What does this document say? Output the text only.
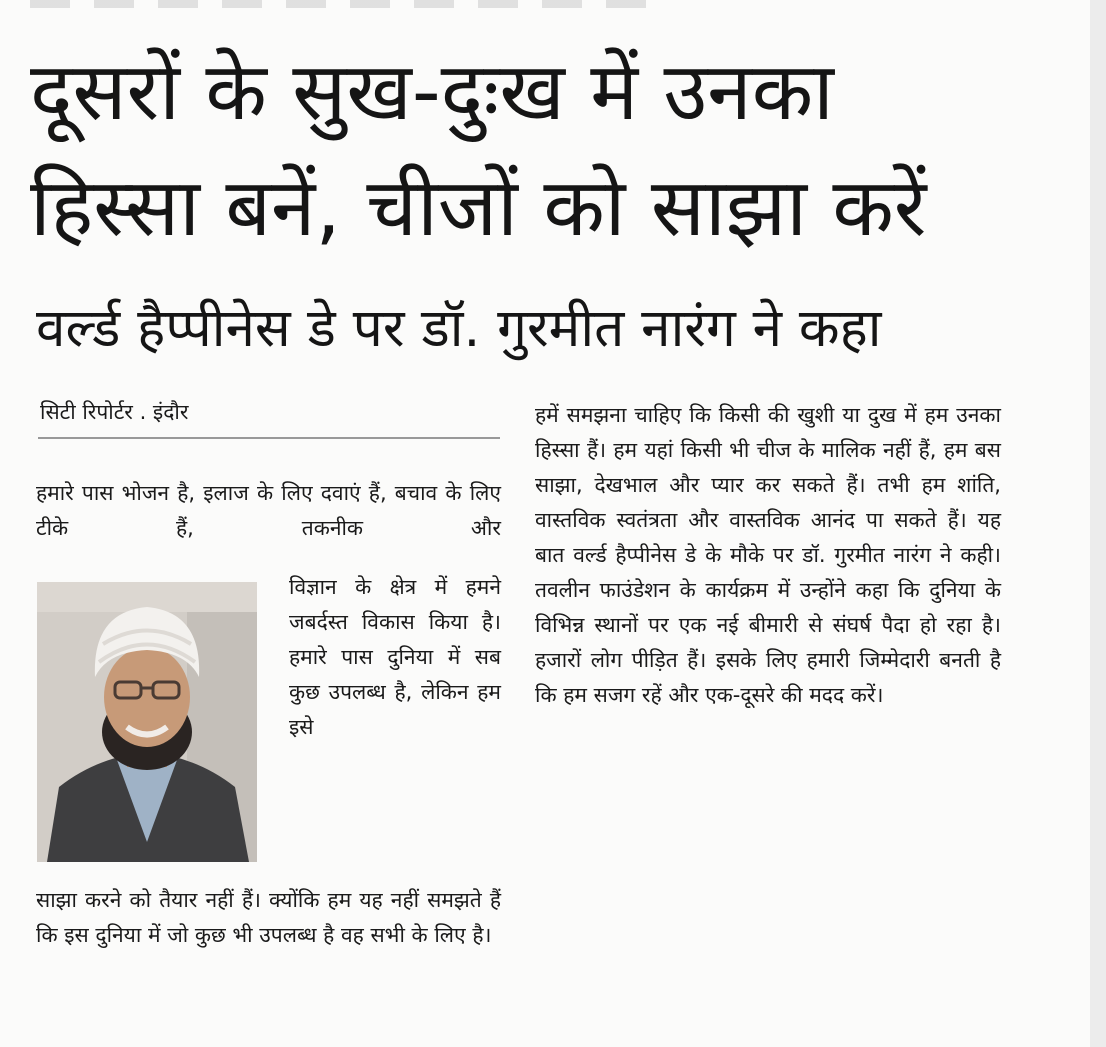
दूसरों के सुख-दुःख में उनका
हिस्सा बनें, चीजों को साझा करें
वर्ल्ड हैप्पीनेस डे पर डॉ. गुरमीत नारंग ने कहा
सिटी रिपोर्टर . इंदौर

हमारे पास भोजन है, इलाज के लिए दवाएं हैं, बचाव के लिए टीके हैं, तकनीक और

विज्ञान के क्षेत्र में हमने जबर्दस्त विकास किया है। हमारे पास दुनिया में सब कुछ उपलब्ध है, लेकिन हम इसे

साझा करने को तैयार नहीं हैं। क्योंकि हम यह नहीं समझते हैं कि इस दुनिया में जो कुछ भी उपलब्ध है वह सभी के लिए है।

हमें समझना चाहिए कि किसी की खुशी या दुख में हम उनका हिस्सा हैं। हम यहां किसी भी चीज के मालिक नहीं हैं, हम बस साझा, देखभाल और प्यार कर सकते हैं। तभी हम शांति, वास्तविक स्वतंत्रता और वास्तविक आनंद पा सकते हैं। यह बात वर्ल्ड हैप्पीनेस डे के मौके पर डॉ. गुरमीत नारंग ने कही। तवलीन फाउंडेशन के कार्यक्रम में उन्होंने कहा कि दुनिया के विभिन्न स्थानों पर एक नई बीमारी से संघर्ष पैदा हो रहा है। हजारों लोग पीड़ित हैं। इसके लिए हमारी जिम्मेदारी बनती है कि हम सजग रहें और एक-दूसरे की मदद करें।
